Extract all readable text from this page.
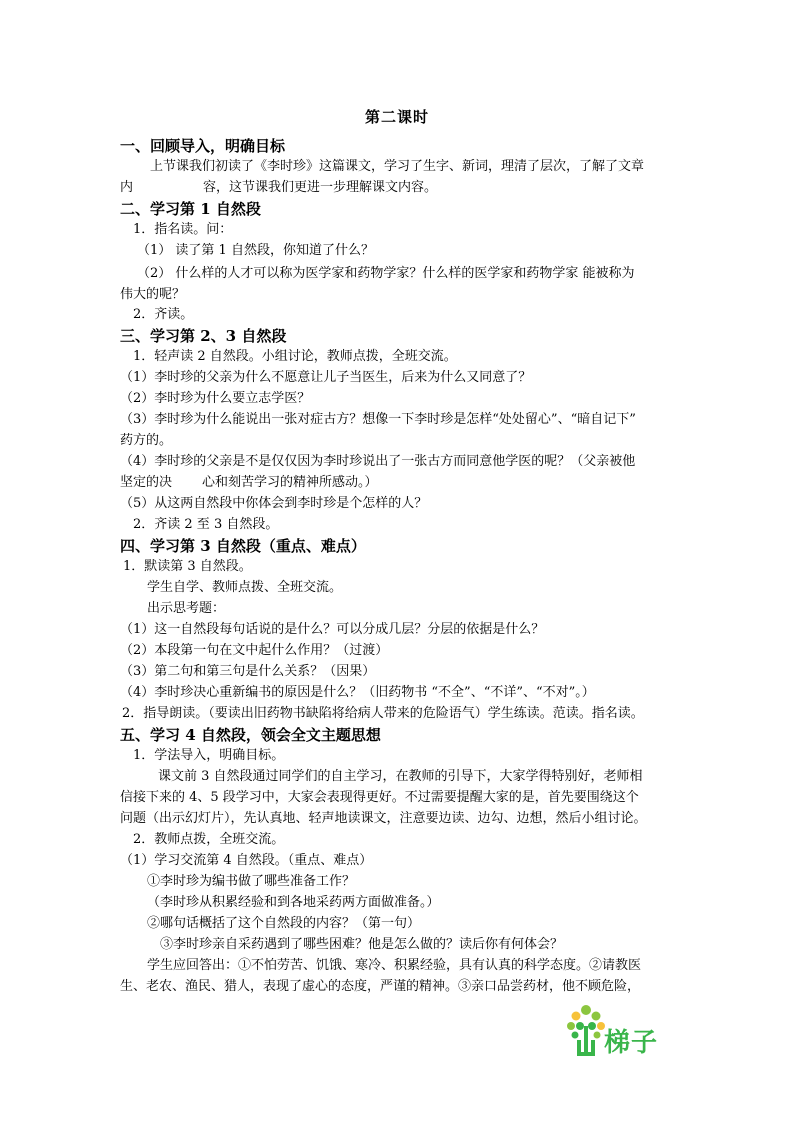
第二课时
一、回顾导入，明确目标
上节课我们初读了《李时珍》这篇课文，学习了生字、新词，理清了层次，了解了文章
内	容，这节课我们更进一步理解课文内容。
二、学习第 1 自然段
1．指名读。问：
（1） 读了第 1 自然段，你知道了什么？
（2） 什么样的人才可以称为医学家和药物学家？什么样的医学家和药物学家 能被称为
伟大的呢？
2．齐读。
三、学习第 2、3 自然段
1．轻声读 2 自然段。小组讨论，教师点拨，全班交流。
（1）李时珍的父亲为什么不愿意让儿子当医生，后来为什么又同意了？
（2）李时珍为什么要立志学医？
（3）李时珍为什么能说出一张对症古方？想像一下李时珍是怎样“处处留心”、“暗自记下”
药方的。
（4）李时珍的父亲是不是仅仅因为李时珍说出了一张古方而同意他学医的呢？（父亲被他
坚定的决 心和刻苦学习的精神所感动。）
（5）从这两自然段中你体会到李时珍是个怎样的人？
2．齐读 2 至 3 自然段。
四、学习第 3 自然段（重点、难点）
1．默读第 3 自然段。
学生自学、教师点拨、全班交流。
出示思考题：
（1）这一自然段每句话说的是什么？可以分成几层？分层的依据是什么？
（2）本段第一句在文中起什么作用？（过渡）
（3）第二句和第三句是什么关系？（因果）
（4）李时珍决心重新编书的原因是什么？（旧药物书 “不全”、“不详”、“不对”。）
2．指导朗读。（要读出旧药物书缺陷将给病人带来的危险语气）学生练读。范读。指名读。
五、学习 4 自然段，领会全文主题思想
1．学法导入，明确目标。
课文前 3 自然段通过同学们的自主学习，在教师的引导下，大家学得特别好，老师相
信接下来的 4、5 段学习中，大家会表现得更好。不过需要提醒大家的是，首先要围绕这个
问题（出示幻灯片），先认真地、轻声地读课文，注意要边读、边勾、边想，然后小组讨论。
2．教师点拨，全班交流。
（1）学习交流第 4 自然段。（重点、难点）
①李时珍为编书做了哪些准备工作？
（李时珍从积累经验和到各地采药两方面做准备。）
②哪句话概括了这个自然段的内容？（第一句）
③李时珍亲自采药遇到了哪些困难？他是怎么做的？读后你有何体会？
学生应回答出：①不怕劳苦、饥饿、寒冷、积累经验，具有认真的科学态度。②请教医
生、老农、渔民、猎人，表现了虚心的态度，严谨的精神。③亲口品尝药材，他不顾危险，
梯子
